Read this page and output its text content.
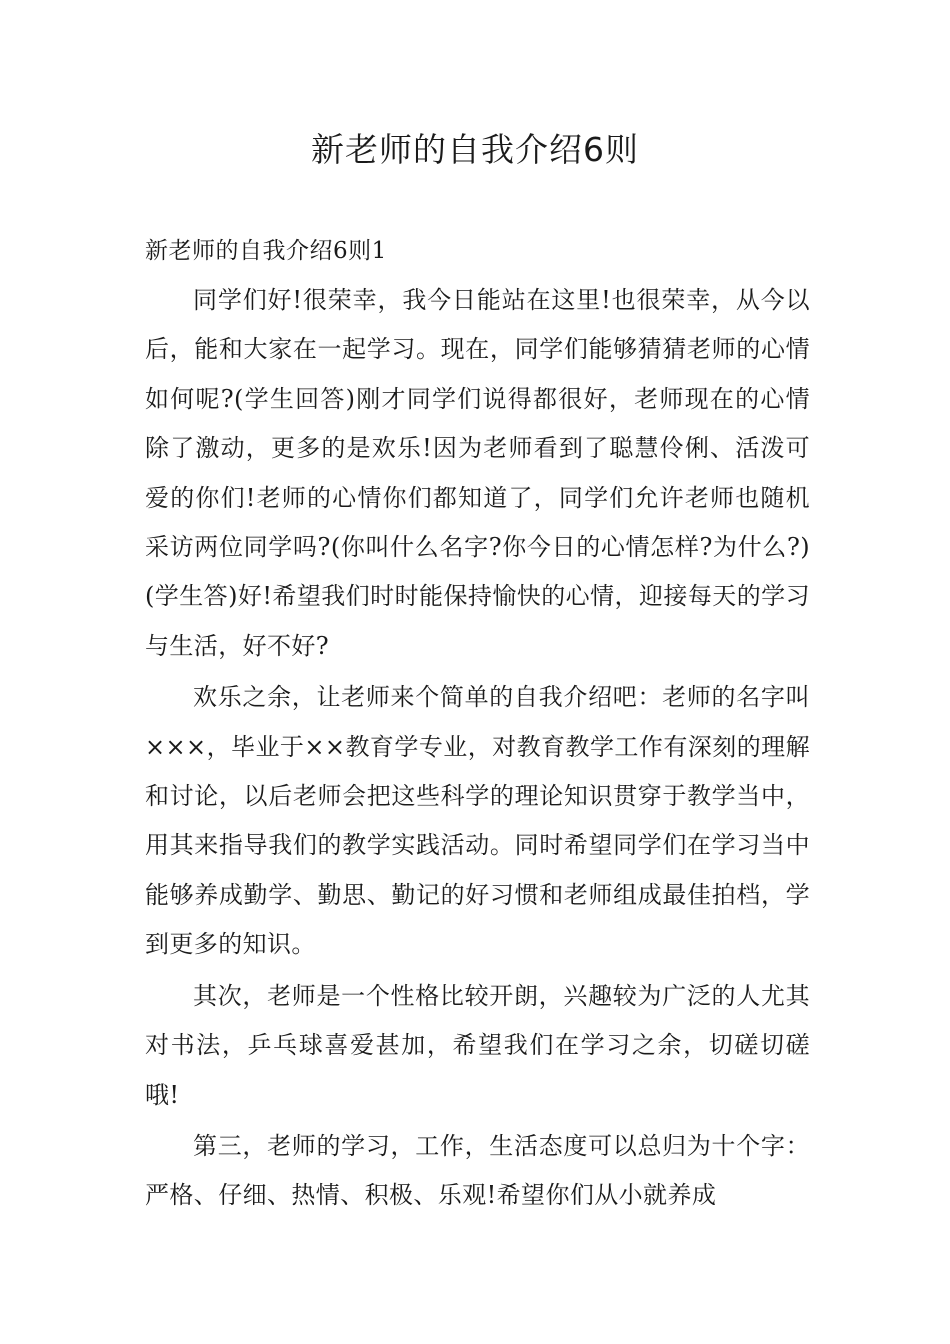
新老师的自我介绍6则

新老师的自我介绍6则1

同学们好!很荣幸，我今日能站在这里!也很荣幸，从今以后，能和大家在一起学习。现在，同学们能够猜猜老师的心情如何呢?(学生回答)刚才同学们说得都很好，老师现在的心情除了激动，更多的是欢乐!因为老师看到了聪慧伶俐、活泼可爱的你们!老师的心情你们都知道了，同学们允许老师也随机采访两位同学吗?(你叫什么名字?你今日的心情怎样?为什么?)(学生答)好!希望我们时时能保持愉快的心情，迎接每天的学习与生活，好不好?

欢乐之余，让老师来个简单的自我介绍吧：老师的名字叫×××，毕业于××教育学专业，对教育教学工作有深刻的理解和讨论，以后老师会把这些科学的理论知识贯穿于教学当中，用其来指导我们的教学实践活动。同时希望同学们在学习当中能够养成勤学、勤思、勤记的好习惯和老师组成最佳拍档，学到更多的知识。

其次，老师是一个性格比较开朗，兴趣较为广泛的人尤其对书法，乒乓球喜爱甚加，希望我们在学习之余，切磋切磋哦!

第三，老师的学习，工作，生活态度可以总归为十个字：严格、仔细、热情、积极、乐观!希望你们从小就养成
